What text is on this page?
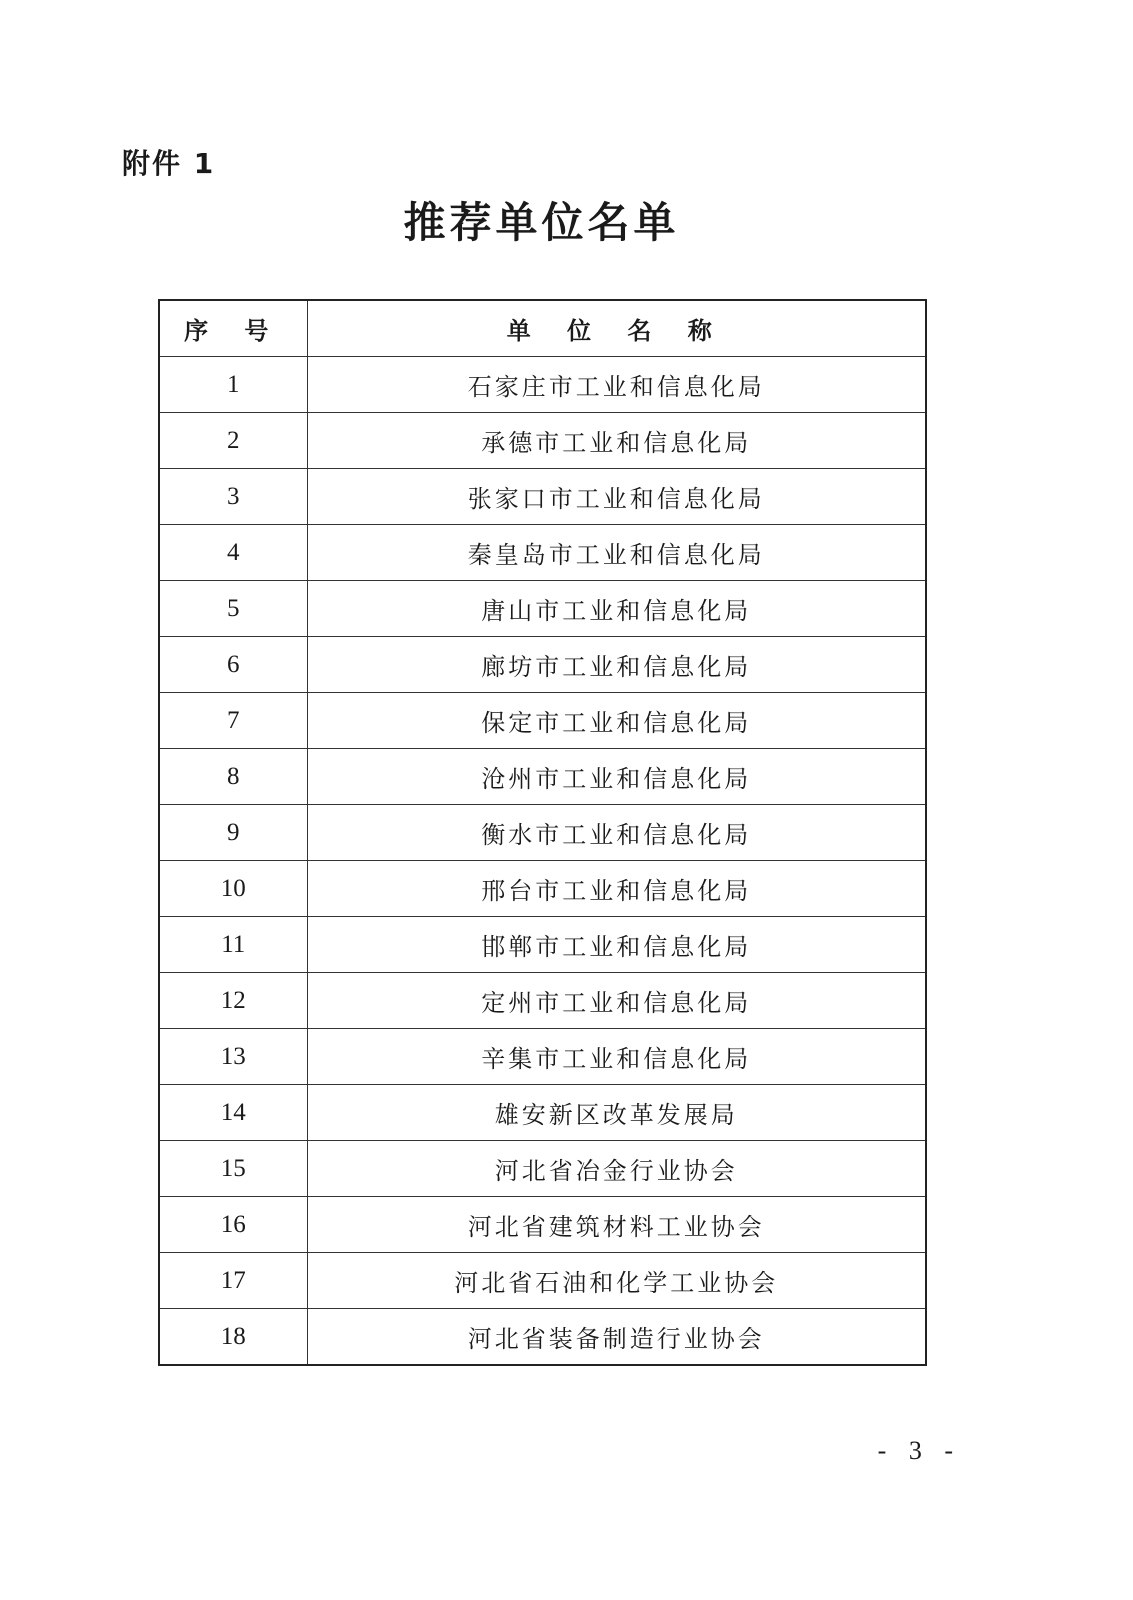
附件 1
推荐单位名单
序 号	单 位 名 称
1	石家庄市工业和信息化局
2	承德市工业和信息化局
3	张家口市工业和信息化局
4	秦皇岛市工业和信息化局
5	唐山市工业和信息化局
6	廊坊市工业和信息化局
7	保定市工业和信息化局
8	沧州市工业和信息化局
9	衡水市工业和信息化局
10	邢台市工业和信息化局
11	邯郸市工业和信息化局
12	定州市工业和信息化局
13	辛集市工业和信息化局
14	雄安新区改革发展局
15	河北省冶金行业协会
16	河北省建筑材料工业协会
17	河北省石油和化学工业协会
18	河北省装备制造行业协会
- 3 -
